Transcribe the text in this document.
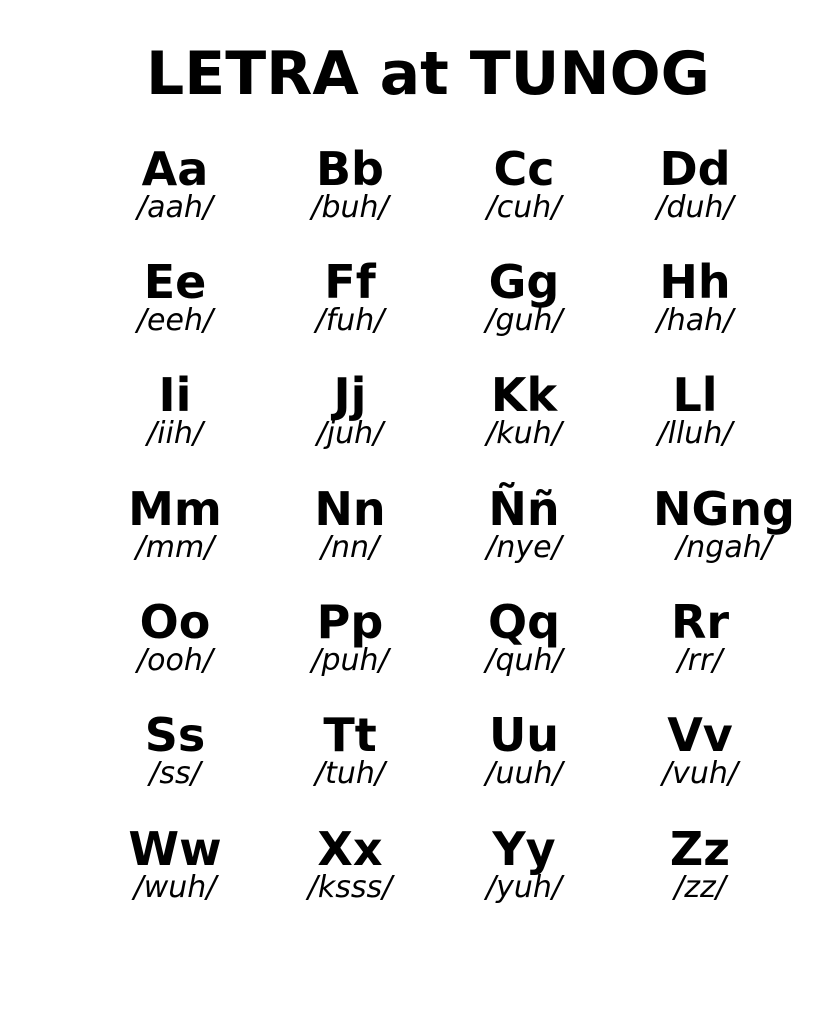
LETRA at TUNOG
Aa
/aah/
Bb
/buh/
Cc
/cuh/
Dd
/duh/
Ee
/eeh/
Ff
/fuh/
Gg
/guh/
Hh
/hah/
Ii
/iih/
Jj
/juh/
Kk
/kuh/
Ll
/lluh/
Mm
/mm/
Nn
/nn/
Ññ
/nye/
NGng
/ngah/
Oo
/ooh/
Pp
/puh/
Qq
/quh/
Rr
/rr/
Ss
/ss/
Tt
/tuh/
Uu
/uuh/
Vv
/vuh/
Ww
/wuh/
Xx
/ksss/
Yy
/yuh/
Zz
/zz/
